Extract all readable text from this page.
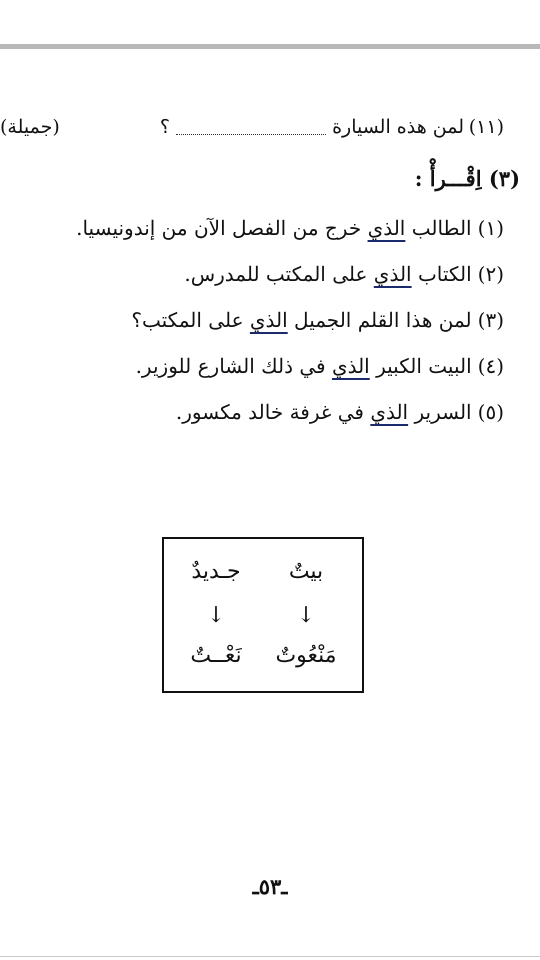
(١١)
لمن هذه السيارة
؟
(جميلة)
(٣) اِقْـــرأْ :
(١)الطالب الذي خرج من الفصل الآن من إندونيسيا.
(٢)الكتاب الذي على المكتب للمدرس.
(٣)لمن هذا القلم الجميل الذي على المكتب؟
(٤)البيت الكبير الذي في ذلك الشارع للوزير.
(٥)السرير الذي في غرفة خالد مكسور.
بيتٌ
جـديدٌ
↓
↓
مَنْعُوتٌ
نَعْــتٌ
ـ٥٣ـ
